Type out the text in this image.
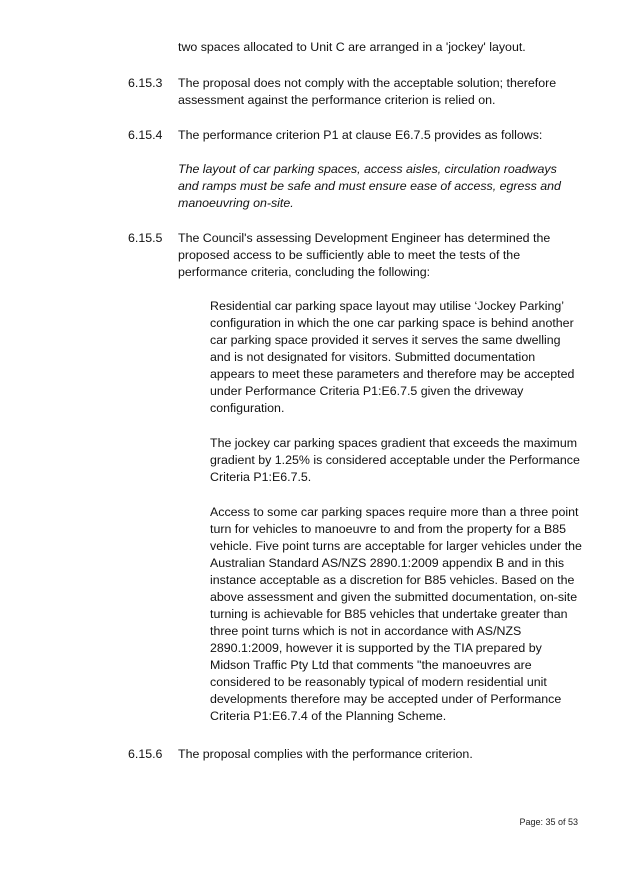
two spaces allocated to Unit C are arranged in a 'jockey' layout.
6.15.3 The proposal does not comply with the acceptable solution; therefore
assessment against the performance criterion is relied on.
6.15.4 The performance criterion P1 at clause E6.7.5 provides as follows:
The layout of car parking spaces, access aisles, circulation roadways
and ramps must be safe and must ensure ease of access, egress and
manoeuvring on-site.
6.15.5 The Council's assessing Development Engineer has determined the
proposed access to be sufficiently able to meet the tests of the
performance criteria, concluding the following:
Residential car parking space layout may utilise ‘Jockey Parking’
configuration in which the one car parking space is behind another
car parking space provided it serves it serves the same dwelling
and is not designated for visitors. Submitted documentation
appears to meet these parameters and therefore may be accepted
under Performance Criteria P1:E6.7.5 given the driveway
configuration.
The jockey car parking spaces gradient that exceeds the maximum
gradient by 1.25% is considered acceptable under the Performance
Criteria P1:E6.7.5.
Access to some car parking spaces require more than a three point
turn for vehicles to manoeuvre to and from the property for a B85
vehicle. Five point turns are acceptable for larger vehicles under the
Australian Standard AS/NZS 2890.1:2009 appendix B and in this
instance acceptable as a discretion for B85 vehicles. Based on the
above assessment and given the submitted documentation, on-site
turning is achievable for B85 vehicles that undertake greater than
three point turns which is not in accordance with AS/NZS
2890.1:2009, however it is supported by the TIA prepared by
Midson Traffic Pty Ltd that comments "the manoeuvres are
considered to be reasonably typical of modern residential unit
developments therefore may be accepted under of Performance
Criteria P1:E6.7.4 of the Planning Scheme.
6.15.6 The proposal complies with the performance criterion.
Page: 35 of 53
